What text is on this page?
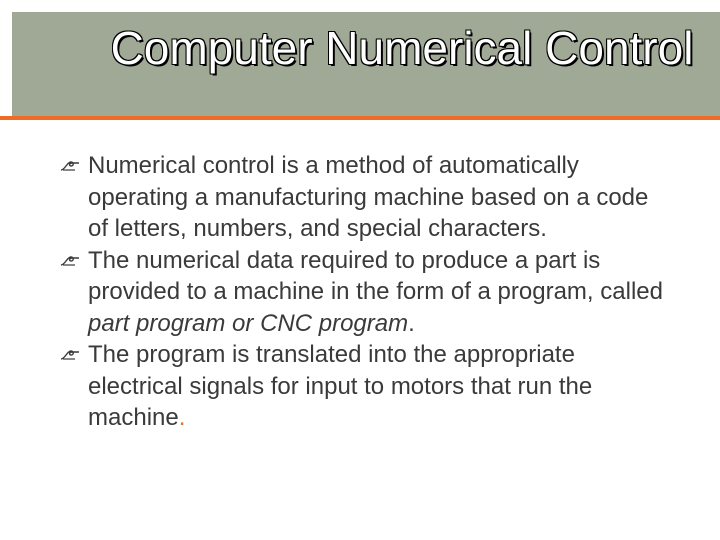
Computer Numerical Control
Numerical control is a method of automatically operating a manufacturing machine based on a code of letters, numbers, and special characters.
The numerical data required to produce a part is provided to a machine in the form of a program, called part program or CNC program.
The program is translated into the appropriate electrical signals for input to motors that run the machine.
